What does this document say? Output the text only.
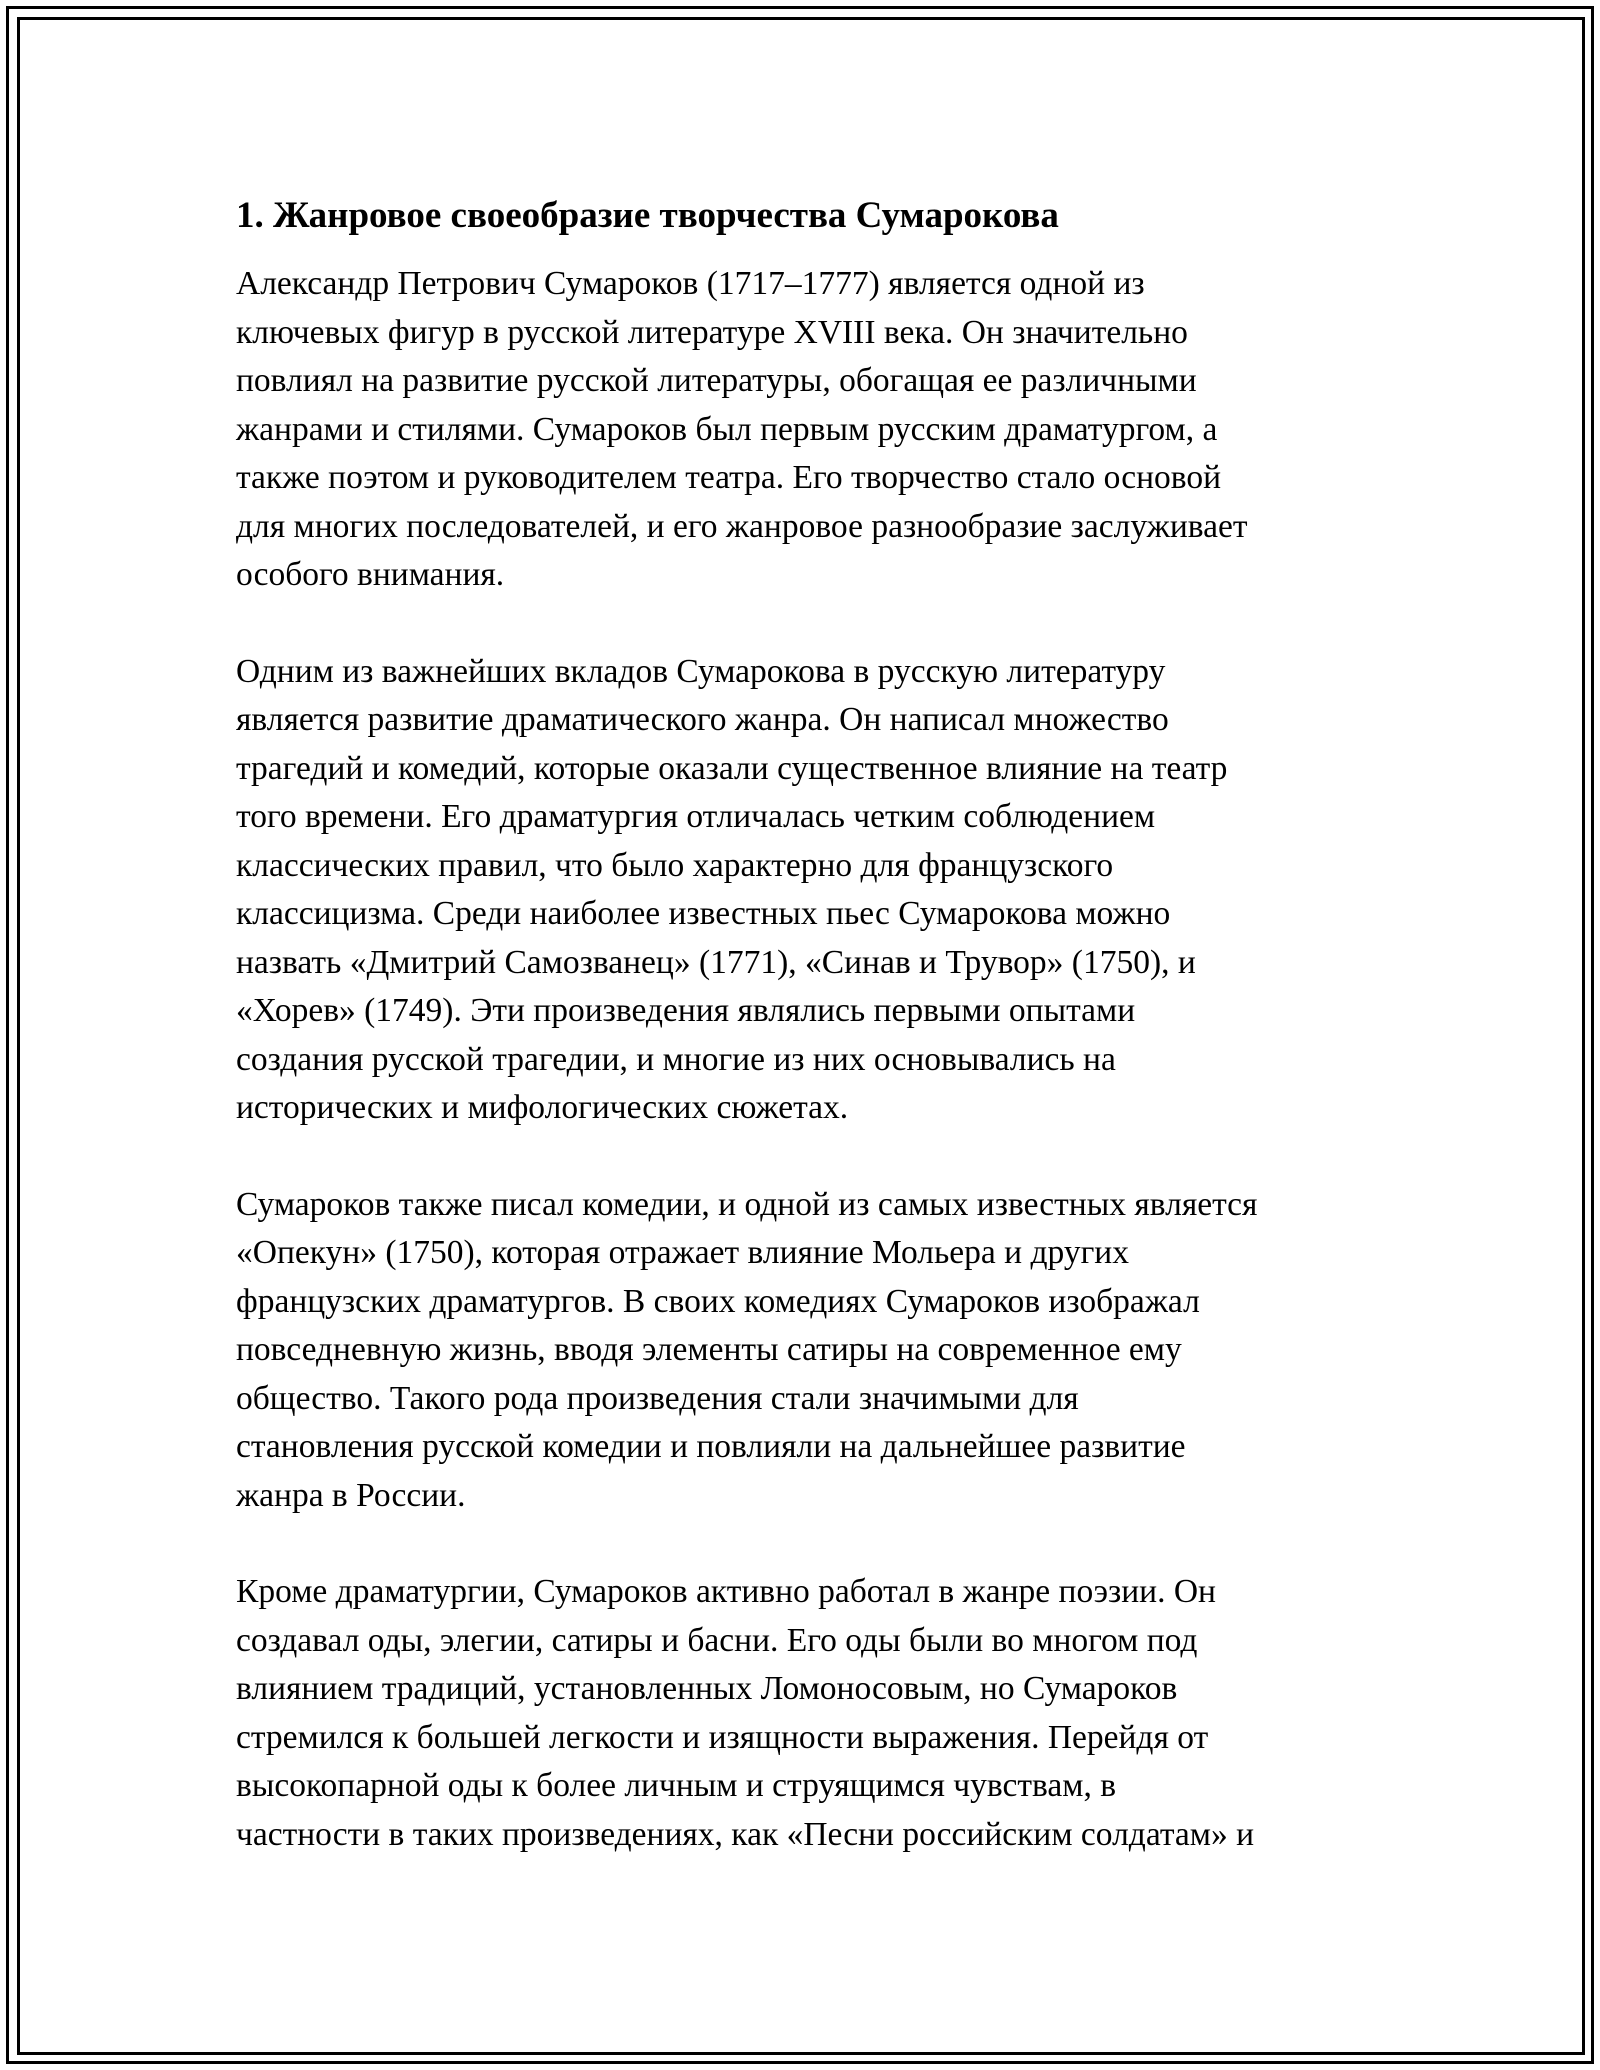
1. Жанровое своеобразие творчества Сумарокова

Александр Петрович Сумароков (1717–1777) является одной из
ключевых фигур в русской литературе XVIII века. Он значительно
повлиял на развитие русской литературы, обогащая ее различными
жанрами и стилями. Сумароков был первым русским драматургом, а
также поэтом и руководителем театра. Его творчество стало основой
для многих последователей, и его жанровое разнообразие заслуживает
особого внимания.

Одним из важнейших вкладов Сумарокова в русскую литературу
является развитие драматического жанра. Он написал множество
трагедий и комедий, которые оказали существенное влияние на театр
того времени. Его драматургия отличалась четким соблюдением
классических правил, что было характерно для французского
классицизма. Среди наиболее известных пьес Сумарокова можно
назвать «Дмитрий Самозванец» (1771), «Синав и Трувор» (1750), и
«Хорев» (1749). Эти произведения являлись первыми опытами
создания русской трагедии, и многие из них основывались на
исторических и мифологических сюжетах.

Сумароков также писал комедии, и одной из самых известных является
«Опекун» (1750), которая отражает влияние Мольера и других
французских драматургов. В своих комедиях Сумароков изображал
повседневную жизнь, вводя элементы сатиры на современное ему
общество. Такого рода произведения стали значимыми для
становления русской комедии и повлияли на дальнейшее развитие
жанра в России.

Кроме драматургии, Сумароков активно работал в жанре поэзии. Он
создавал оды, элегии, сатиры и басни. Его оды были во многом под
влиянием традиций, установленных Ломоносовым, но Сумароков
стремился к большей легкости и изящности выражения. Перейдя от
высокопарной оды к более личным и струящимся чувствам, в
частности в таких произведениях, как «Песни российским солдатам» и
